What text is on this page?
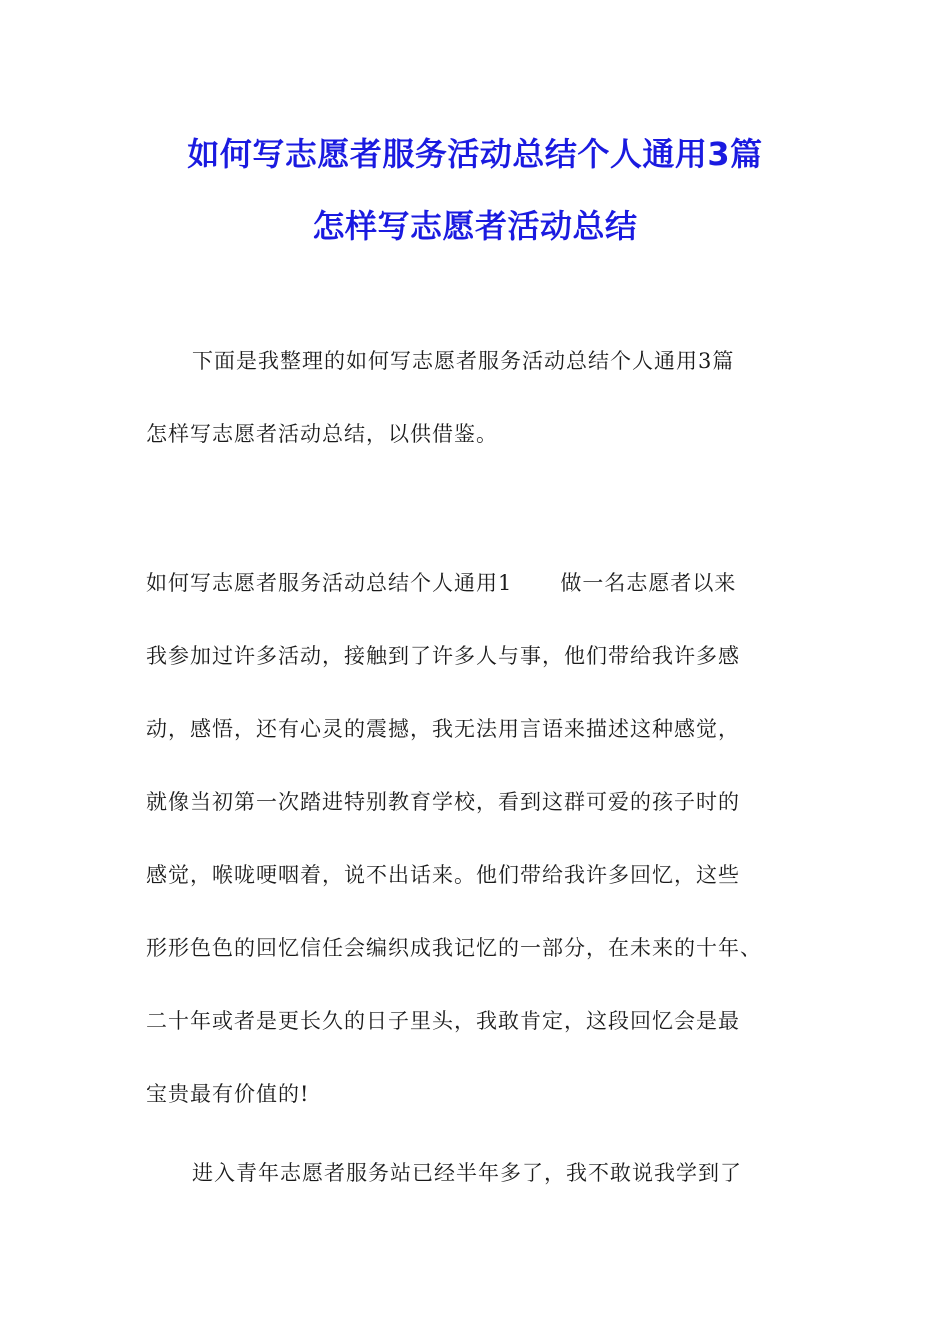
如何写志愿者服务活动总结个人通用3篇
怎样写志愿者活动总结
下面是我整理的如何写志愿者服务活动总结个人通用3篇
怎样写志愿者活动总结，以供借鉴。
如何写志愿者服务活动总结个人通用1 做一名志愿者以来
我参加过许多活动，接触到了许多人与事，他们带给我许多感
动，感悟，还有心灵的震撼，我无法用言语来描述这种感觉，
就像当初第一次踏进特别教育学校，看到这群可爱的孩子时的
感觉，喉咙哽咽着，说不出话来。他们带给我许多回忆，这些
形形色色的回忆信任会编织成我记忆的一部分，在未来的十年、
二十年或者是更长久的日子里头，我敢肯定，这段回忆会是最
宝贵最有价值的!
进入青年志愿者服务站已经半年多了，我不敢说我学到了
